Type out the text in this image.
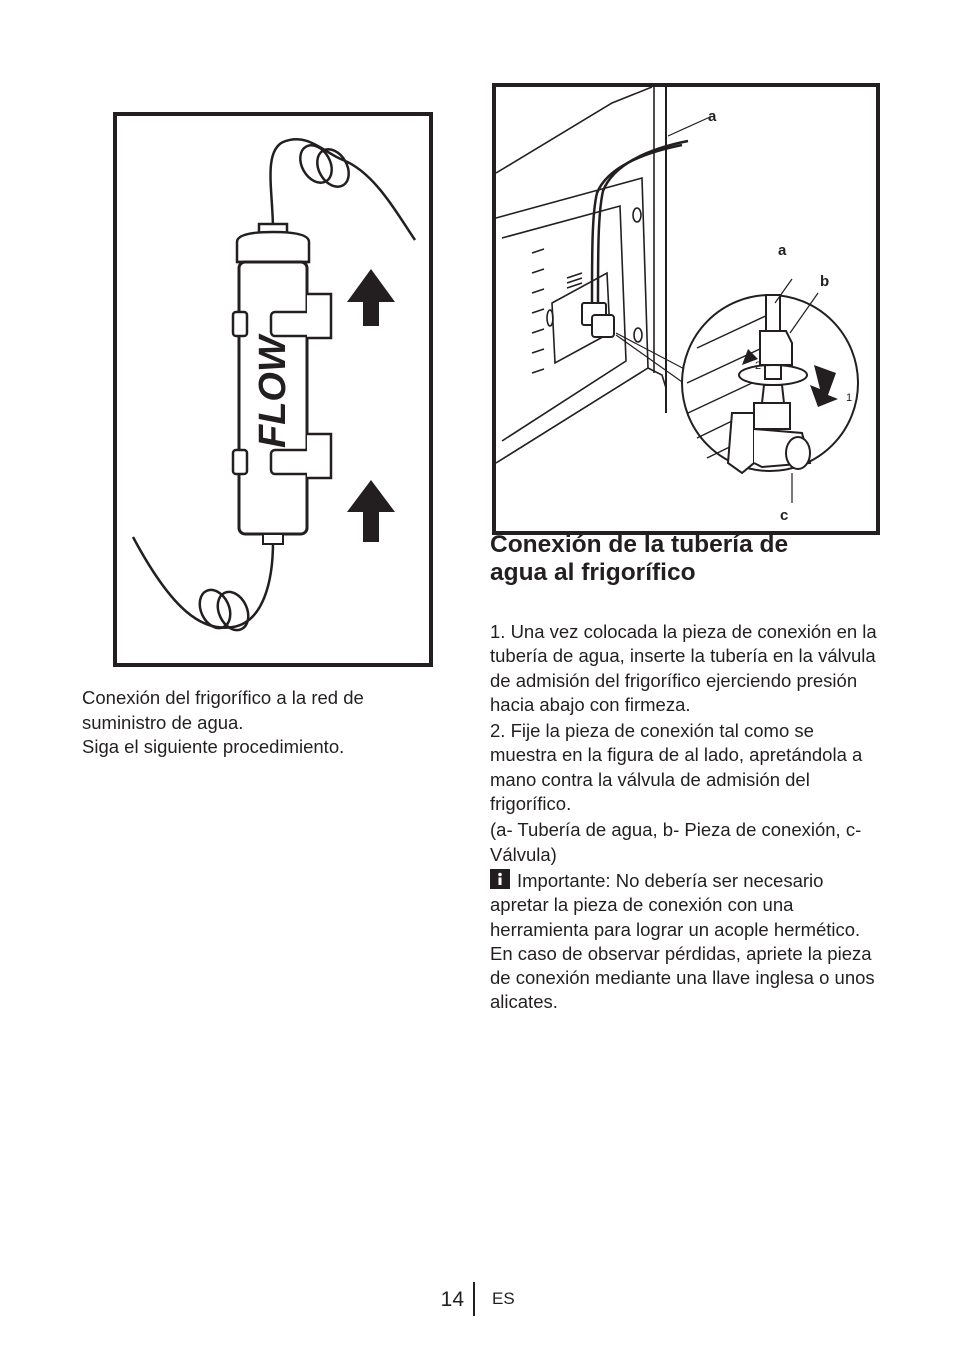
FLOW
a
a
b
c
1
2

Conexión del frigorífico a la red de
suministro de agua.
Siga el siguiente procedimiento.

Conexión de la tubería de
agua al frigorífico

1. Una vez colocada la pieza de conexión en la tubería de agua, inserte la tubería en la válvula de admisión del frigorífico ejerciendo presión hacia abajo con firmeza.

2. Fije la pieza de conexión tal como se muestra en la figura de al lado, apretándola a mano contra la válvula de admisión del frigorífico.

(a- Tubería de agua, b- Pieza de conexión, c-Válvula)

Importante: No debería ser necesario apretar la pieza de conexión con una herramienta para lograr un acople hermético. En caso de observar pérdidas, apriete la pieza de conexión mediante una llave inglesa o unos alicates.

14 ES
